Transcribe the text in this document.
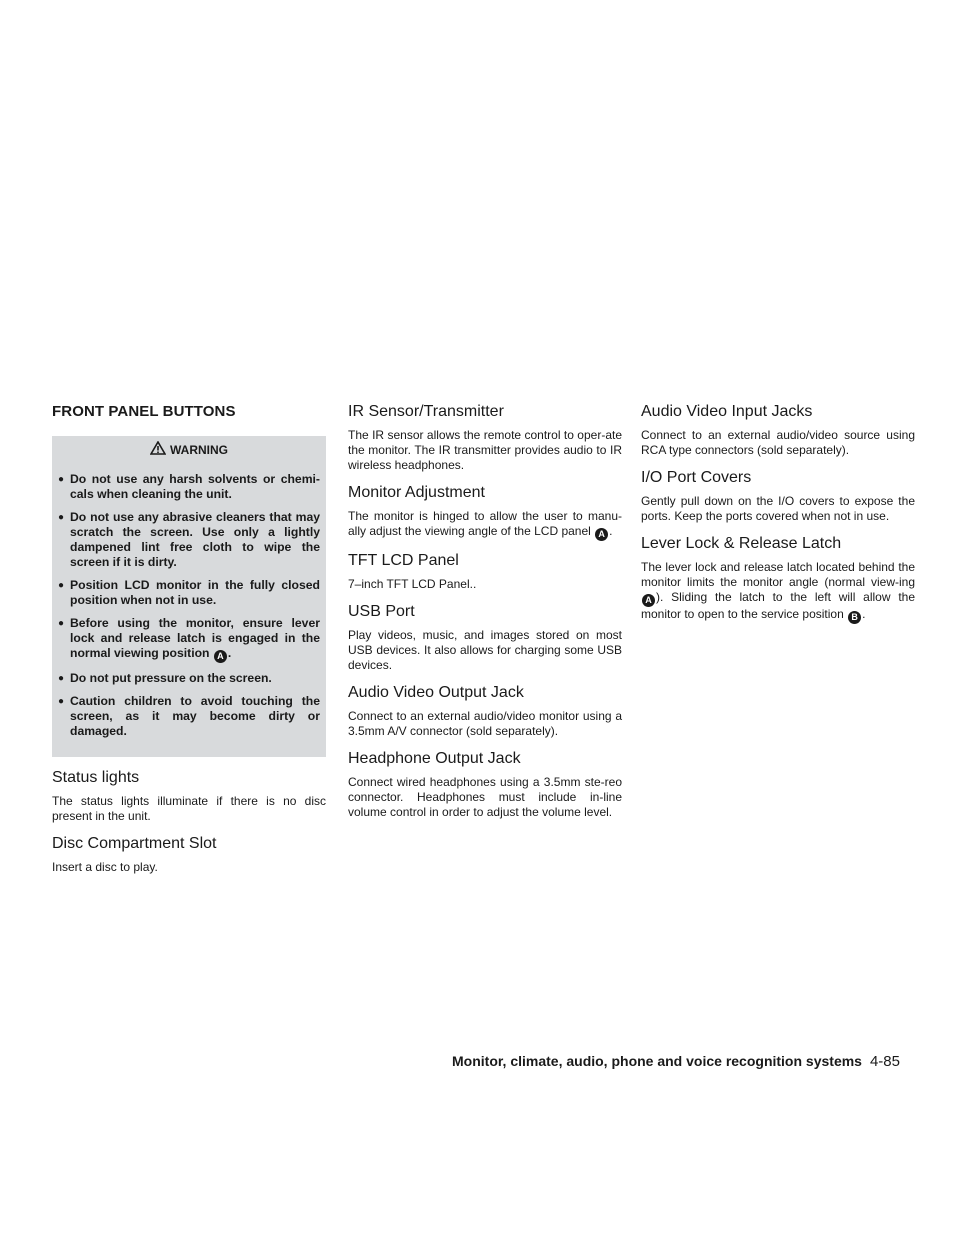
FRONT PANEL BUTTONS
WARNING
● Do not use any harsh solvents or chemi-cals when cleaning the unit.
● Do not use any abrasive cleaners that may scratch the screen. Use only a lightly dampened lint free cloth to wipe the screen if it is dirty.
● Position LCD monitor in the fully closed position when not in use.
● Before using the monitor, ensure lever lock and release latch is engaged in the normal viewing position A .
● Do not put pressure on the screen.
● Caution children to avoid touching the screen, as it may become dirty or damaged.
Status lights

The status lights illuminate if there is no disc present in the unit.

Disc Compartment Slot

Insert a disc to play.

IR Sensor/Transmitter

The IR sensor allows the remote control to oper-ate the monitor. The IR transmitter provides audio to IR wireless headphones.

Monitor Adjustment

The monitor is hinged to allow the user to manu-ally adjust the viewing angle of the LCD panel A .

TFT LCD Panel

7–inch TFT LCD Panel..

USB Port

Play videos, music, and images stored on most USB devices. It also allows for charging some USB devices.

Audio Video Output Jack

Connect to an external audio/video monitor using a 3.5mm A/V connector (sold separately).

Headphone Output Jack

Connect wired headphones using a 3.5mm ste-reo connector. Headphones must include in-line volume control in order to adjust the volume level.

Audio Video Input Jacks

Connect to an external audio/video source using RCA type connectors (sold separately).

I/O Port Covers

Gently pull down on the I/O covers to expose the ports. Keep the ports covered when not in use.

Lever Lock & Release Latch

The lever lock and release latch located behind the monitor limits the monitor angle (normal view-ing A ). Sliding the latch to the left will allow the monitor to open to the service position B .

Monitor, climate, audio, phone and voice recognition systems 4-85
